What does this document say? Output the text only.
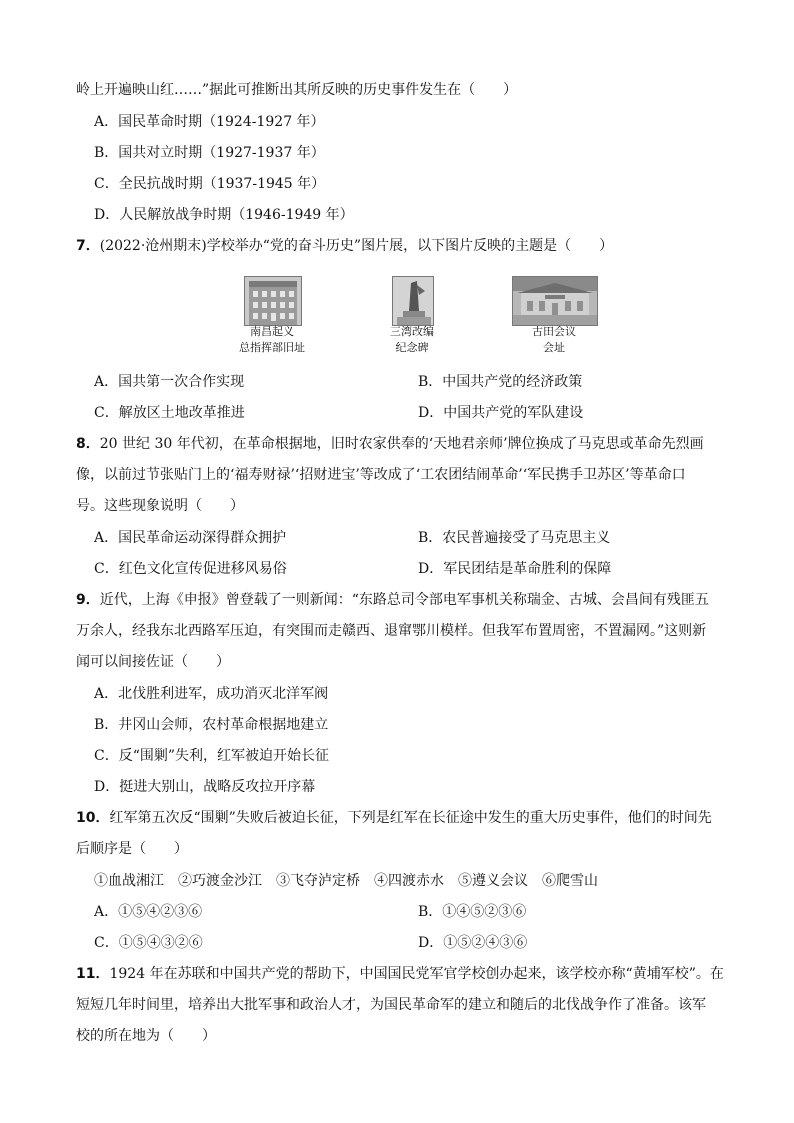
岭上开遍映山红……”据此可推断出其所反映的历史事件发生在（　　）
A．国民革命时期（1924-1927 年）
B．国共对立时期（1927-1937 年）
C．全民抗战时期（1937-1945 年）
D．人民解放战争时期（1946-1949 年）
7．(2022·沧州期末)学校举办“党的奋斗历史”图片展，以下图片反映的主题是（　　）
南昌起义
总指挥部旧址
三湾改编
纪念碑
古田会议
会址
A．国共第一次合作实现	B．中国共产党的经济政策
C．解放区土地改革推进	D．中国共产党的军队建设
8．20 世纪 30 年代初，在革命根据地，旧时农家供奉的‘天地君亲师’牌位换成了马克思或革命先烈画
像，以前过节张贴门上的‘福寿财禄’‘招财进宝’等改成了‘工农团结闹革命’‘军民携手卫苏区’等革命口
号。这些现象说明（　　）
A．国民革命运动深得群众拥护	B．农民普遍接受了马克思主义
C．红色文化宣传促进移风易俗	D．军民团结是革命胜利的保障
9．近代，上海《申报》曾登载了一则新闻：“东路总司令部电军事机关称瑞金、古城、会昌间有残匪五
万余人，经我东北西路军压迫，有突围而走赣西、退窜鄂川模样。但我军布置周密，不置漏网。”这则新
闻可以间接佐证（　　）
A．北伐胜利进军，成功消灭北洋军阀
B．井冈山会师，农村革命根据地建立
C．反“围剿”失利，红军被迫开始长征
D．挺进大别山，战略反攻拉开序幕
10．红军第五次反“围剿”失败后被迫长征，下列是红军在长征途中发生的重大历史事件，他们的时间先
后顺序是（　　）
①血战湘江　②巧渡金沙江　③飞夺泸定桥　④四渡赤水　⑤遵义会议　⑥爬雪山
A．①⑤④②③⑥	B．①④⑤②③⑥
C．①⑤④③②⑥	D．①⑤②④③⑥
11．1924 年在苏联和中国共产党的帮助下，中国国民党军官学校创办起来，该学校亦称“黄埔军校”。在
短短几年时间里，培养出大批军事和政治人才，为国民革命军的建立和随后的北伐战争作了准备。该军
校的所在地为（　　）
